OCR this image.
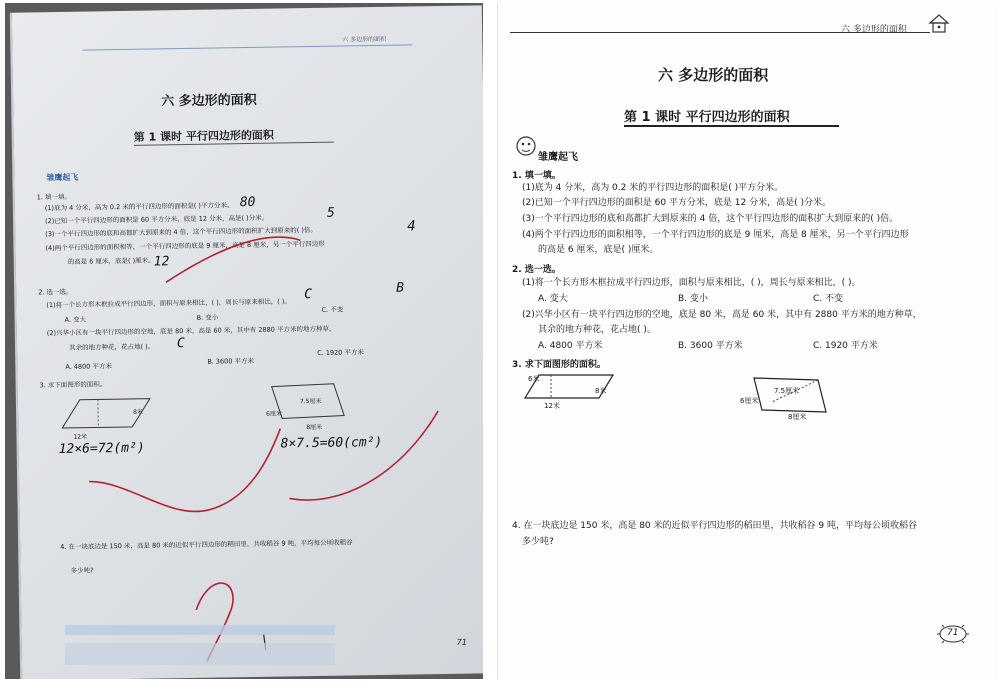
六 多边形的面积
六 多边形的面积
第 1 课时 平行四边形的面积
雏鹰起飞
1. 填一填。
(1)底为 4 分米，高为 0.2 米的平行四边形的面积是( )平方分米。
(2)已知一个平行四边形的面积是 60 平方分米，底是 12 分米，高是( )分米。
(3)一个平行四边形的底和高都扩大到原来的 4 倍，这个平行四边形的面积扩大到原来的( )倍。
(4)两个平行四边形的面积相等，一个平行四边形的底是 9 厘米，高是 8 厘米，另一个平行四边形
的高是 6 厘米，底是( )厘米。
80
5
4
12
2. 选一选。
(1)将一个长方形木框拉成平行四边形，面积与原来相比，( )，周长与原来相比，( )。
A. 变大	B. 变小
C. 不变
(2)兴华小区有一块平行四边形的空地，底是 80 米，高是 60 米，其中有 2880 平方米的地方种草，
其余的地方种花，花占地( )。
A. 4800 平方米
B. 3600 平方米
C. 1920 平方米
C	B
C
3. 求下面图形的面积。
12米
8米
7.5厘米
6厘米
8厘米
12×6=72(m²)	8×7.5=60(cm²)
4. 在一块底边是 150 米，高是 80 米的近似平行四边形的稻田里，共收稻谷 9 吨，平均每公顷收稻谷
多少吨?
71
六 多边形的面积
六 多边形的面积
第 1 课时 平行四边形的面积
雏鹰起飞
1. 填一填。
(1)底为 4 分米，高为 0.2 米的平行四边形的面积是( )平方分米。
(2)已知一个平行四边形的面积是 60 平方分米，底是 12 分米，高是( )分米。
(3)一个平行四边形的底和高都扩大到原来的 4 倍，这个平行四边形的面积扩大到原来的( )倍。
(4)两个平行四边形的面积相等，一个平行四边形的底是 9 厘米，高是 8 厘米，另一个平行四边形
的高是 6 厘米，底是( )厘米。
2. 选一选。
(1)将一个长方形木框拉成平行四边形，面积与原来相比，( )，周长与原来相比，( )。
A. 变大	B. 变小	C. 不变
(2)兴华小区有一块平行四边形的空地，底是 80 米，高是 60 米，其中有 2880 平方米的地方种草，
其余的地方种花，花占地( )。
A. 4800 平方米	B. 3600 平方米	C. 1920 平方米
3. 求下面图形的面积。
6米
8米
12米
7.5厘米
6厘米
8厘米
4. 在一块底边是 150 米，高是 80 米的近似平行四边形的稻田里，共收稻谷 9 吨，平均每公顷收稻谷
多少吨?
71
